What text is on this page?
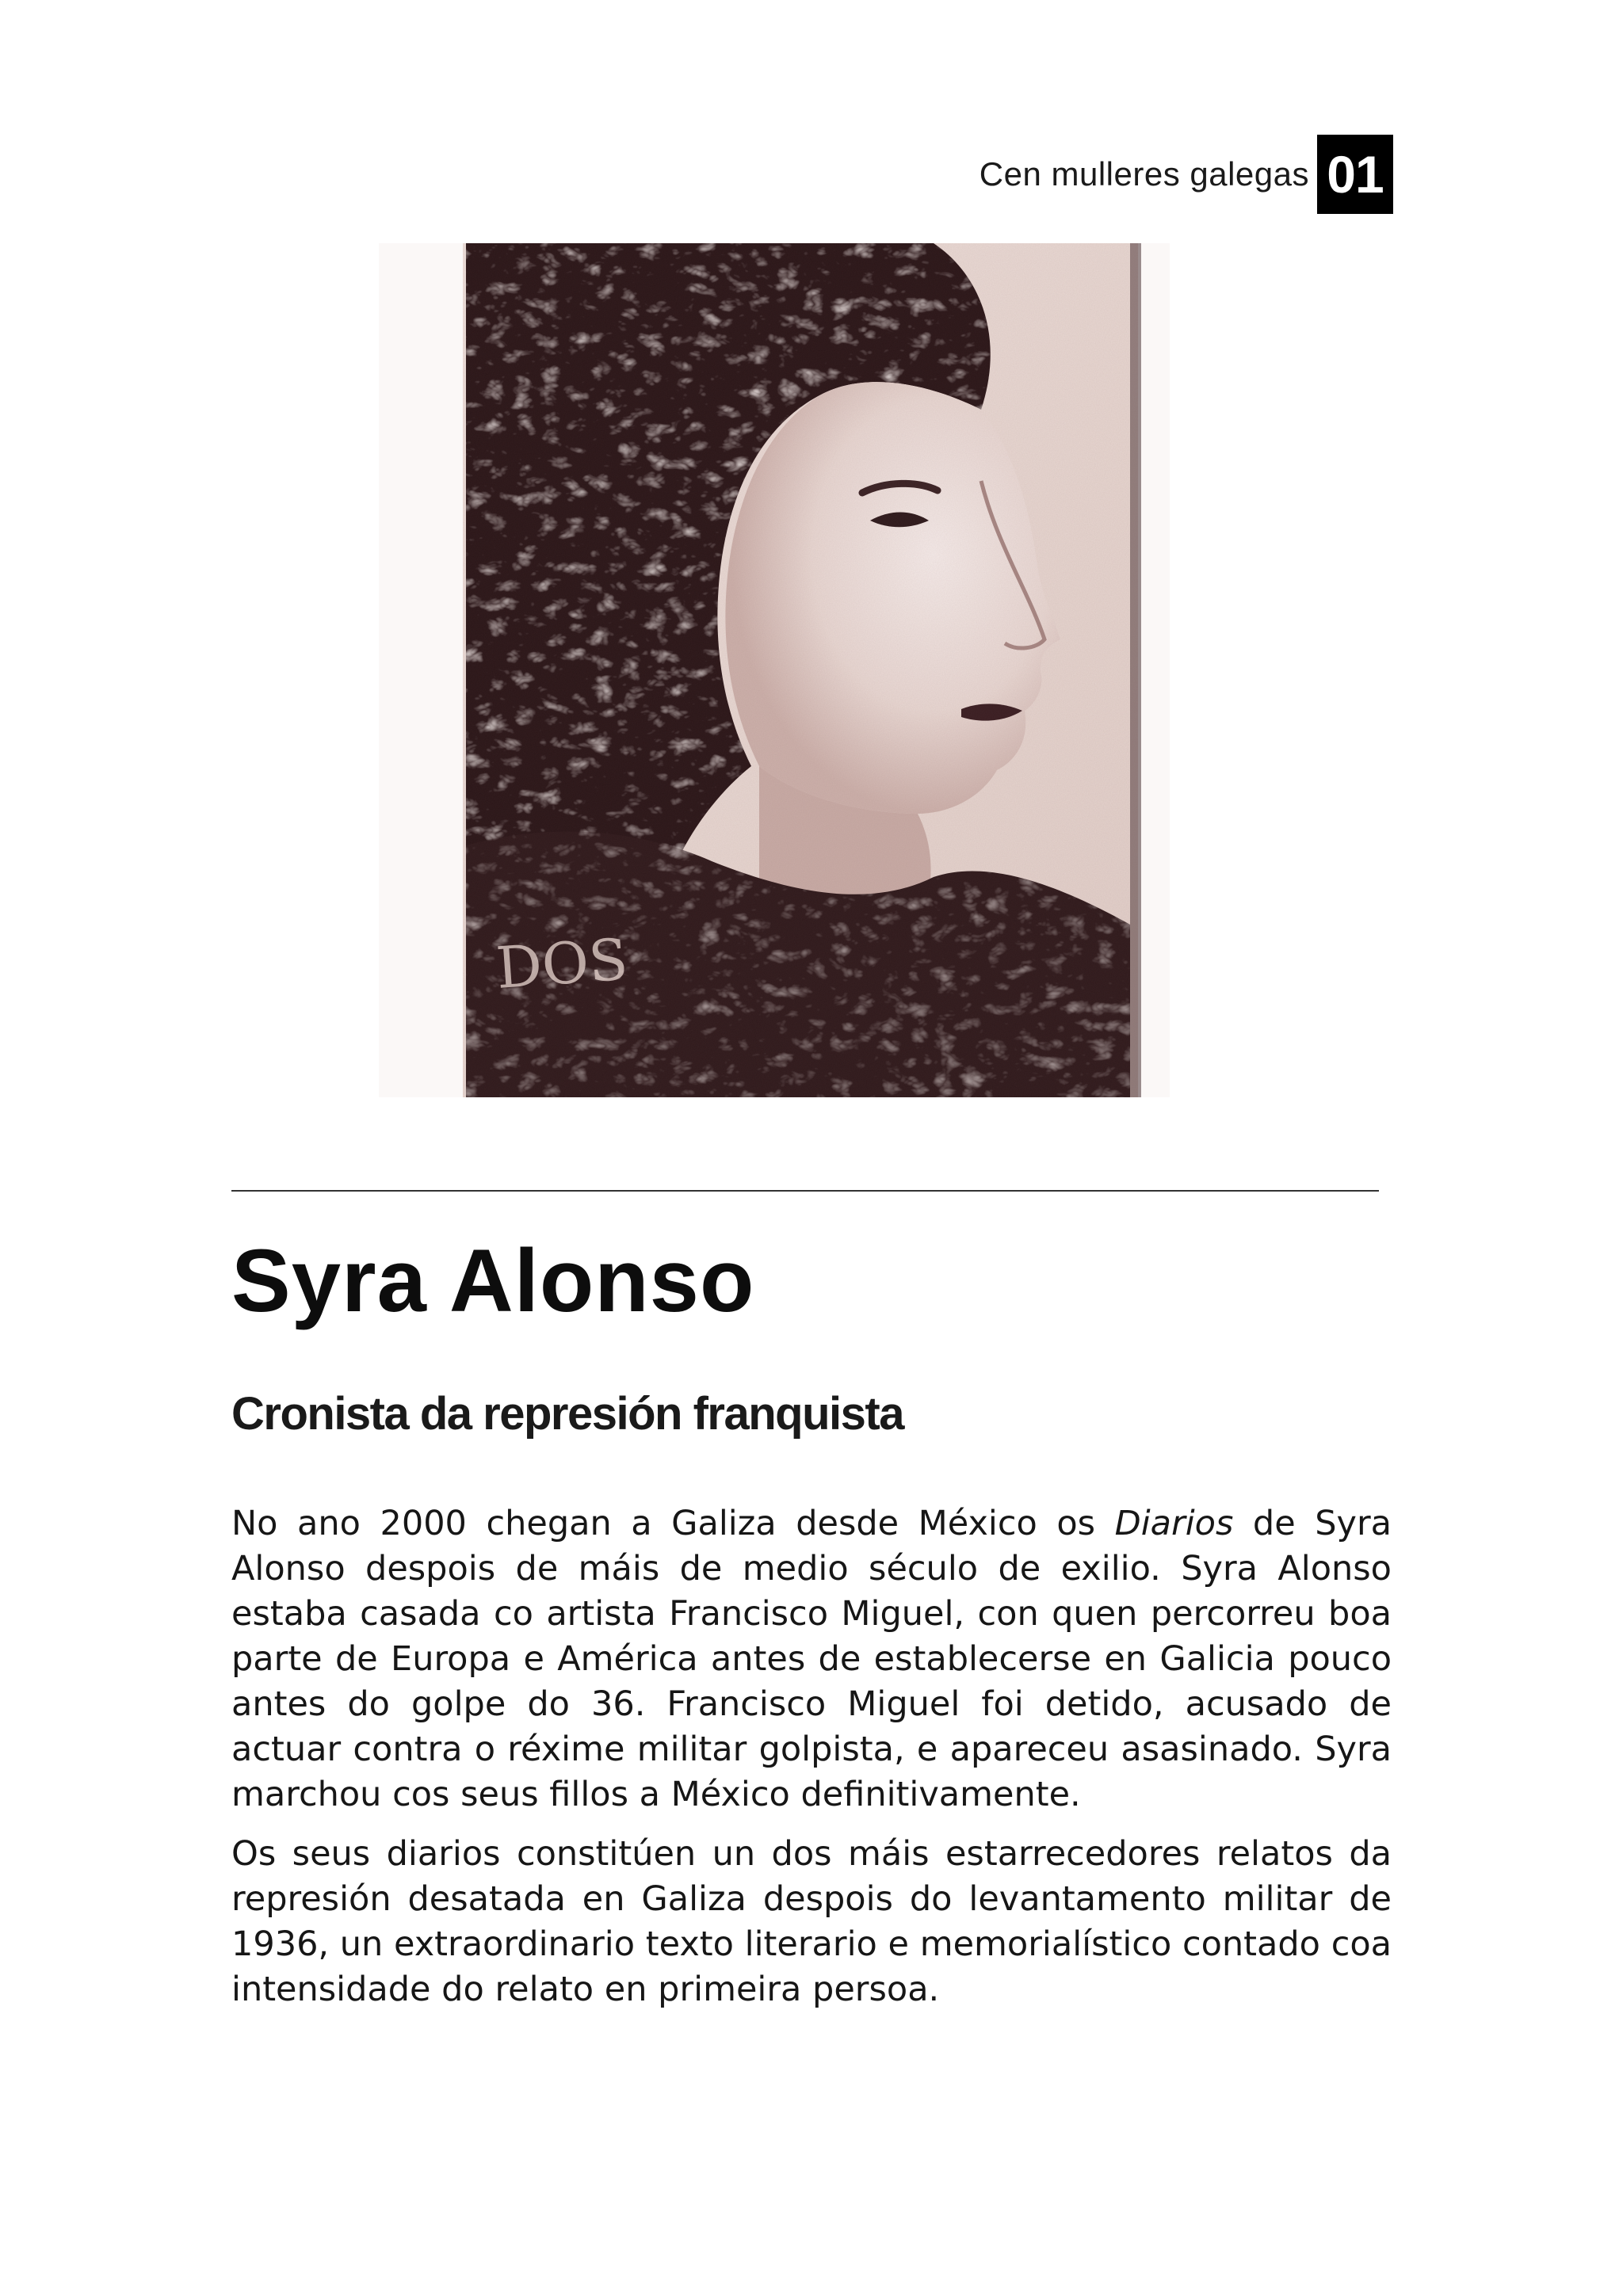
Cen mulleres galegas 01
Syra Alonso
Cronista da represión franquista

No ano 2000 chegan a Galiza desde México os Diarios de Syra Alonso despois de máis de medio século de exilio. Syra Alonso estaba casada co artista Francisco Miguel, con quen percorreu boa parte de Europa e América antes de establecerse en Galicia pouco antes do golpe do 36. Francisco Miguel foi detido, acusado de actuar contra o réxime militar golpista, e apareceu asasinado. Syra marchou cos seus fillos a México definitivamente.

Os seus diarios constitúen un dos máis estarrecedores relatos da represión desatada en Galiza despois do levantamento militar de 1936, un extraordinario texto literario e memorialístico contado coa intensidade do relato en primeira persoa.
